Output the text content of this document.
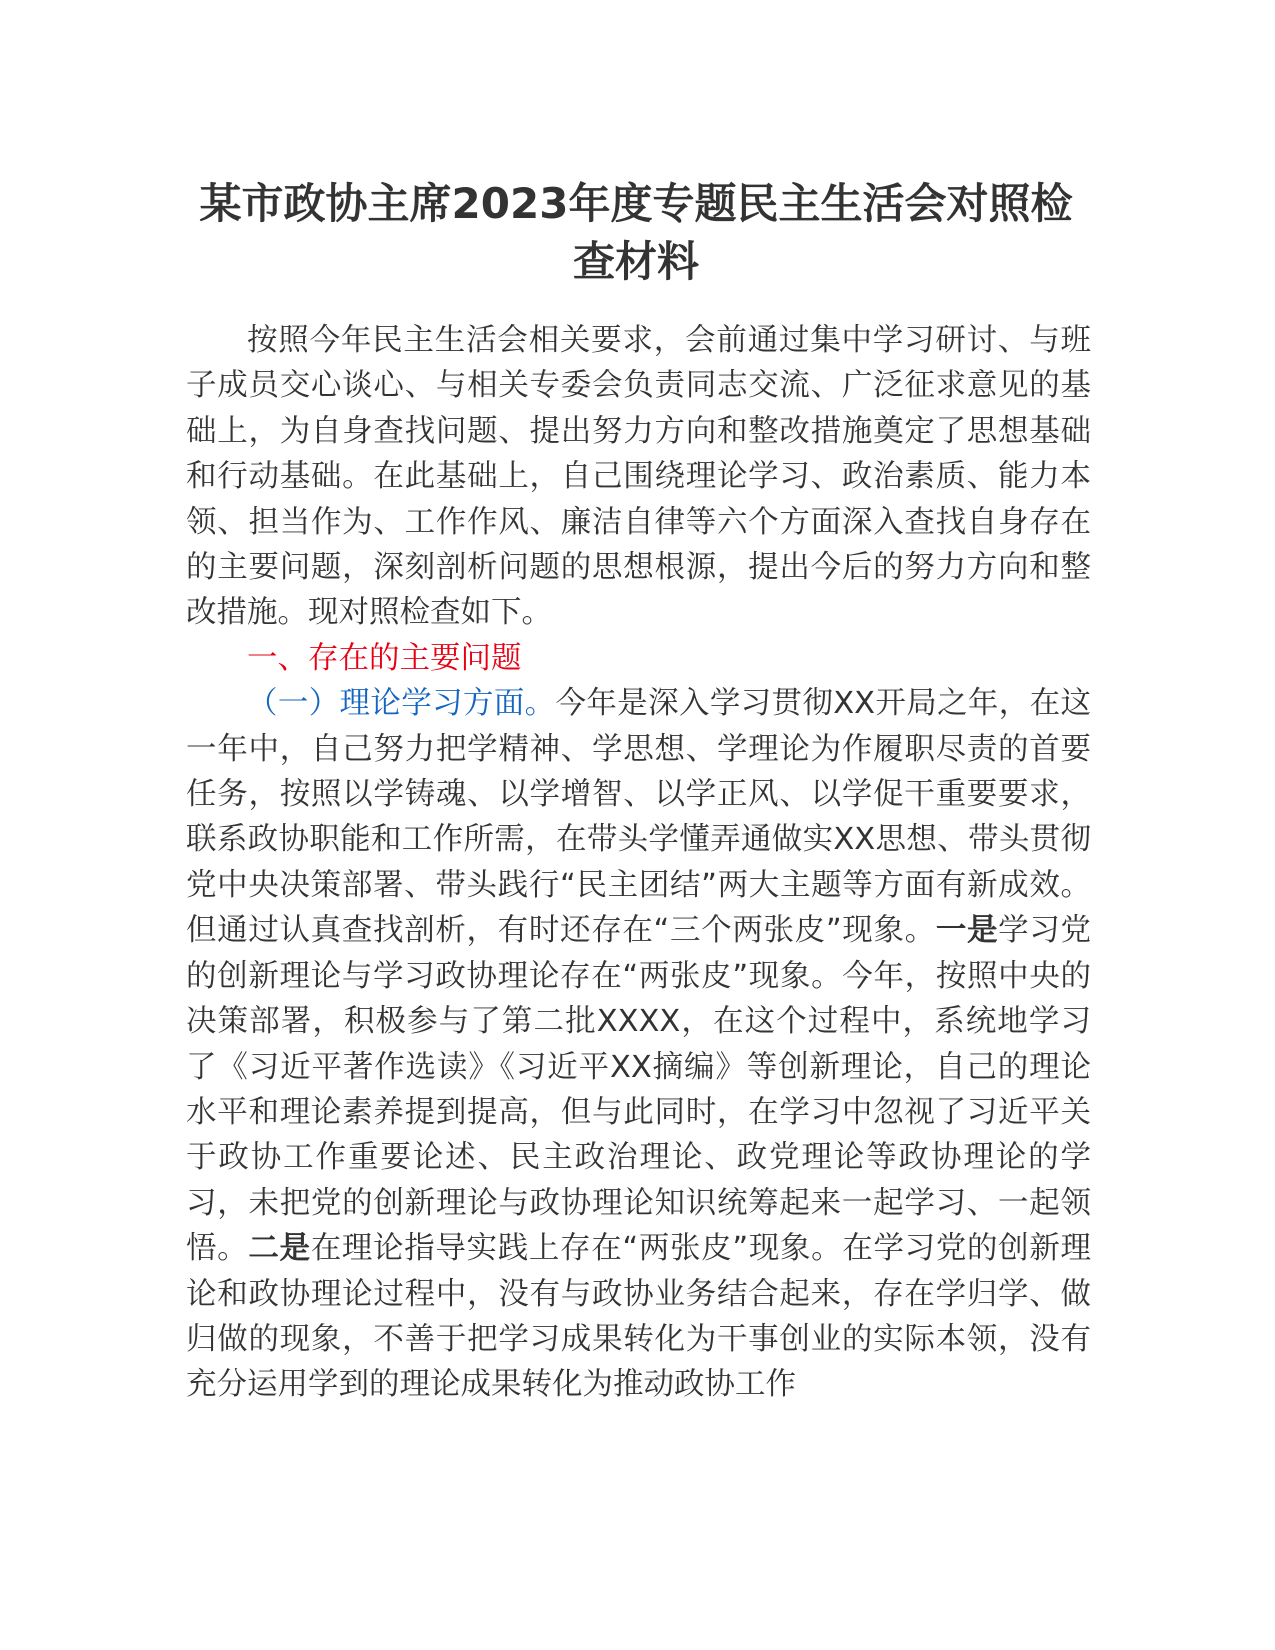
某市政协主席2023年度专题民主生活会对照检查材料

按照今年民主生活会相关要求，会前通过集中学习研讨、与班子成员交心谈心、与相关专委会负责同志交流、广泛征求意见的基础上，为自身查找问题、提出努力方向和整改措施奠定了思想基础和行动基础。在此基础上，自己围绕理论学习、政治素质、能力本领、担当作为、工作作风、廉洁自律等六个方面深入查找自身存在的主要问题，深刻剖析问题的思想根源，提出今后的努力方向和整改措施。现对照检查如下。

一、存在的主要问题

（一）理论学习方面。今年是深入学习贯彻XX开局之年，在这一年中，自己努力把学精神、学思想、学理论为作履职尽责的首要任务，按照以学铸魂、以学增智、以学正风、以学促干重要要求，联系政协职能和工作所需，在带头学懂弄通做实XX思想、带头贯彻党中央决策部署、带头践行“民主团结”两大主题等方面有新成效。但通过认真查找剖析，有时还存在“三个两张皮”现象。一是学习党的创新理论与学习政协理论存在“两张皮”现象。今年，按照中央的决策部署，积极参与了第二批XXXX，在这个过程中，系统地学习了《习近平著作选读》《习近平XX摘编》等创新理论，自己的理论水平和理论素养提到提高，但与此同时，在学习中忽视了习近平关于政协工作重要论述、民主政治理论、政党理论等政协理论的学习，未把党的创新理论与政协理论知识统筹起来一起学习、一起领悟。二是在理论指导实践上存在“两张皮”现象。在学习党的创新理论和政协理论过程中，没有与政协业务结合起来，存在学归学、做归做的现象，不善于把学习成果转化为干事创业的实际本领，没有充分运用学到的理论成果转化为推动政协工作
